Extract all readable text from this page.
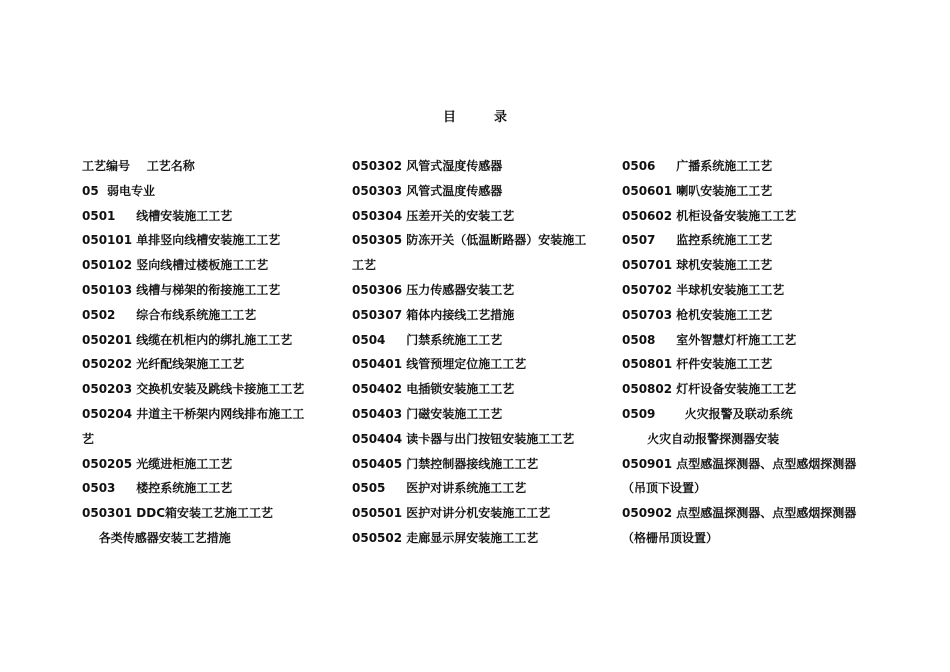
目	录
工艺编号    工艺名称
05  弱电专业
0501     线槽安装施工工艺
050101 单排竖向线槽安装施工工艺
050102 竖向线槽过楼板施工工艺
050103 线槽与梯架的衔接施工工艺
0502     综合布线系统施工工艺
050201 线缆在机柜内的绑扎施工工艺
050202 光纤配线架施工工艺
050203 交换机安装及跳线卡接施工工艺
050204 井道主干桥架内网线排布施工工
艺
050205 光缆进柜施工工艺
0503     楼控系统施工工艺
050301 DDC箱安装工艺施工工艺
各类传感器安装工艺措施
050302 风管式湿度传感器
050303 风管式温度传感器
050304 压差开关的安装工艺
050305 防冻开关（低温断路器）安装施工
工艺
050306 压力传感器安装工艺
050307 箱体内接线工艺措施
0504     门禁系统施工工艺
050401 线管预埋定位施工工艺
050402 电插锁安装施工工艺
050403 门磁安装施工工艺
050404 读卡器与出门按钮安装施工工艺
050405 门禁控制器接线施工工艺
0505     医护对讲系统施工工艺
050501 医护对讲分机安装施工工艺
050502 走廊显示屏安装施工工艺
0506     广播系统施工工艺
050601 喇叭安装施工工艺
050602 机柜设备安装施工工艺
0507     监控系统施工工艺
050701 球机安装施工工艺
050702 半球机安装施工工艺
050703 枪机安装施工工艺
0508     室外智慧灯杆施工工艺
050801 杆件安装施工工艺
050802 灯杆设备安装施工工艺
0509       火灾报警及联动系统
火灾自动报警探测器安装
050901 点型感温探测器、点型感烟探测器
（吊顶下设置）
050902 点型感温探测器、点型感烟探测器
（格栅吊顶设置）
